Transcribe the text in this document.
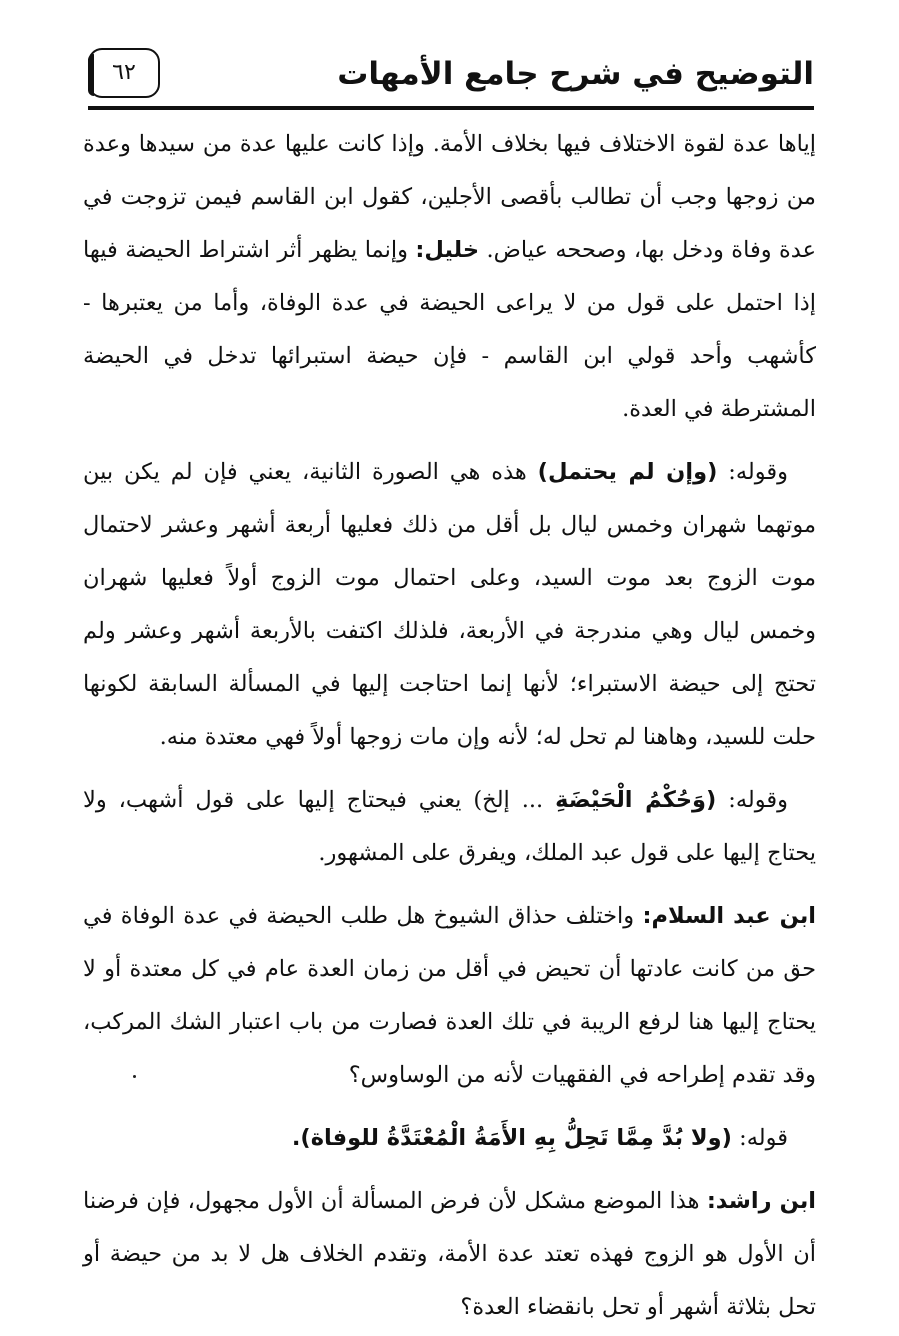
التوضيح في شرح جامع الأمهات
٦٢

إياها عدة لقوة الاختلاف فيها بخلاف الأمة. وإذا كانت عليها عدة من سيدها وعدة من زوجها وجب أن تطالب بأقصى الأجلين، كقول ابن القاسم فيمن تزوجت في عدة وفاة ودخل بها، وصححه عياض. خليل: وإنما يظهر أثر اشتراط الحيضة فيها إذا احتمل على قول من لا يراعى الحيضة في عدة الوفاة، وأما من يعتبرها - كأشهب وأحد قولي ابن القاسم - فإن حيضة استبرائها تدخل في الحيضة المشترطة في العدة.

وقوله: (وإن لم يحتمل) هذه هي الصورة الثانية، يعني فإن لم يكن بين موتهما شهران وخمس ليال بل أقل من ذلك فعليها أربعة أشهر وعشر لاحتمال موت الزوج بعد موت السيد، وعلى احتمال موت الزوج أولاً فعليها شهران وخمس ليال وهي مندرجة في الأربعة، فلذلك اكتفت بالأربعة أشهر وعشر ولم تحتج إلى حيضة الاستبراء؛ لأنها إنما احتاجت إليها في المسألة السابقة لكونها حلت للسيد، وهاهنا لم تحل له؛ لأنه وإن مات زوجها أولاً فهي معتدة منه.

وقوله: (وَحُكْمُ الْحَيْضَةِ ... إلخ) يعني فيحتاج إليها على قول أشهب، ولا يحتاج إليها على قول عبد الملك، ويفرق على المشهور.

ابن عبد السلام: واختلف حذاق الشيوخ هل طلب الحيضة في عدة الوفاة في حق من كانت عادتها أن تحيض في أقل من زمان العدة عام في كل معتدة أو لا يحتاج إليها هنا لرفع الريبة في تلك العدة فصارت من باب اعتبار الشك المركب، وقد تقدم إطراحه في الفقهيات لأنه من الوساوس؟

قوله: (ولا بُدَّ مِمَّا تَحِلُّ بِهِ الأَمَةُ الْمُعْتَدَّةُ للوفاة).

ابن راشد: هذا الموضع مشكل لأن فرض المسألة أن الأول مجهول، فإن فرضنا أن الأول هو الزوج فهذه تعتد عدة الأمة، وتقدم الخلاف هل لا بد من حيضة أو تحل بثلاثة أشهر أو تحل بانقضاء العدة؟
